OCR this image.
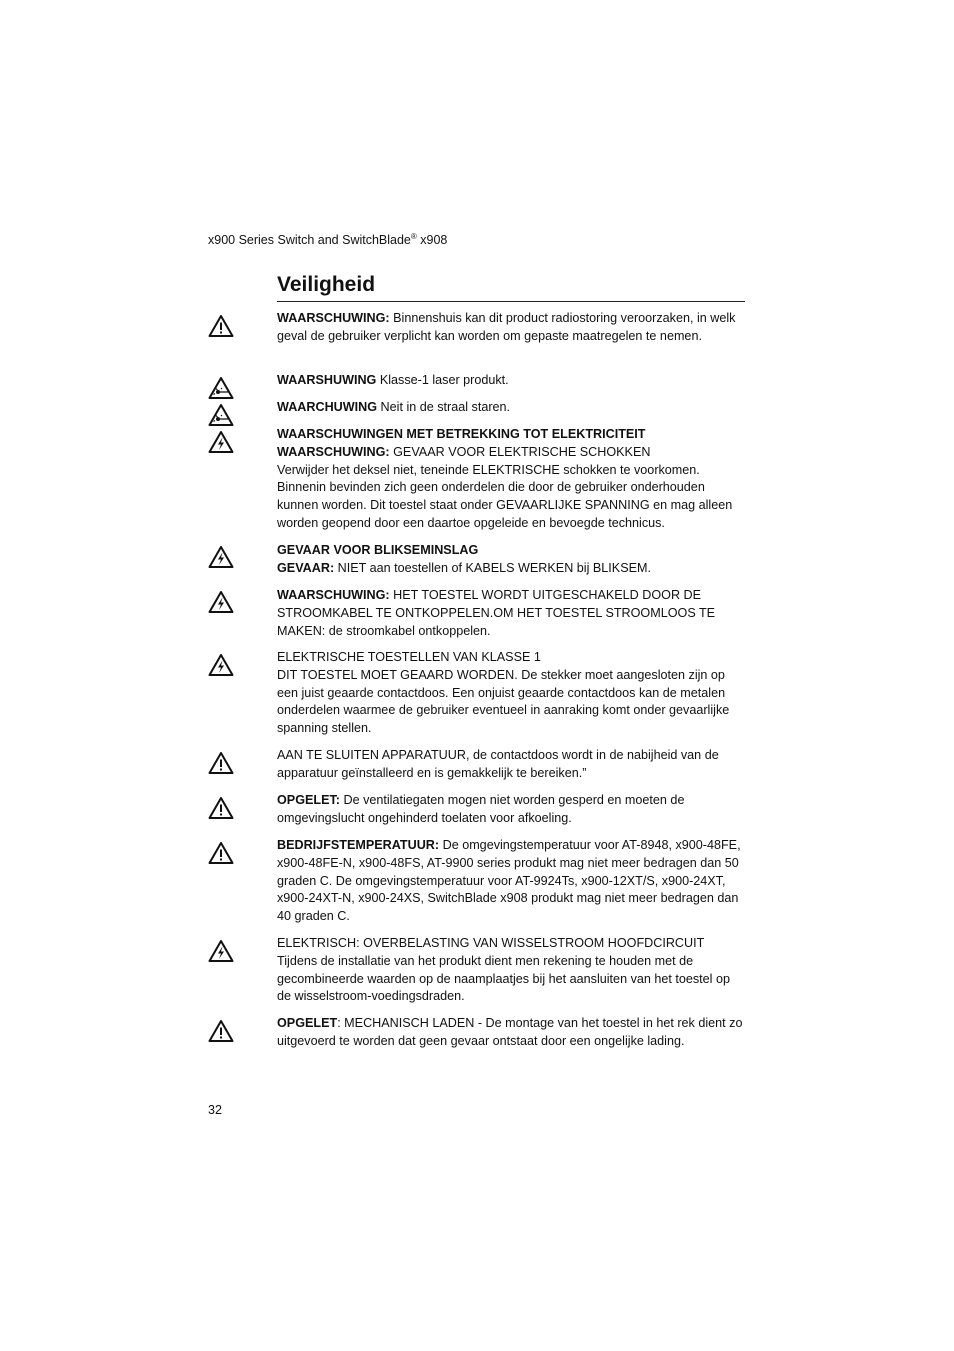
x900 Series Switch and SwitchBlade® x908
Veiligheid
WAARSCHUWING: Binnenshuis kan dit product radiostoring veroorzaken, in welk geval de gebruiker verplicht kan worden om gepaste maatregelen te nemen.
WAARSHUWING Klasse-1 laser produkt.
WAARCHUWING Neit in de straal staren.
WAARSCHUWINGEN MET BETREKKING TOT ELEKTRICITEIT
WAARSCHUWING: GEVAAR VOOR ELEKTRISCHE SCHOKKEN
Verwijder het deksel niet, teneinde ELEKTRISCHE schokken te voorkomen. Binnenin bevinden zich geen onderdelen die door de gebruiker onderhouden kunnen worden. Dit toestel staat onder GEVAARLIJKE SPANNING en mag alleen worden geopend door een daartoe opgeleide en bevoegde technicus.
GEVAAR VOOR BLIKSEMINSLAG
GEVAAR: NIET aan toestellen of KABELS WERKEN bij BLIKSEM.
WAARSCHUWING: HET TOESTEL WORDT UITGESCHAKELD DOOR DE STROOMKABEL TE ONTKOPPELEN.OM HET TOESTEL STROOMLOOS TE MAKEN: de stroomkabel ontkoppelen.
ELEKTRISCHE TOESTELLEN VAN KLASSE 1
DIT TOESTEL MOET GEAARD WORDEN. De stekker moet aangesloten zijn op een juist geaarde contactdoos. Een onjuist geaarde contactdoos kan de metalen onderdelen waarmee de gebruiker eventueel in aanraking komt onder gevaarlijke spanning stellen.
AAN TE SLUITEN APPARATUUR, de contactdoos wordt in de nabijheid van de apparatuur geïnstalleerd en is gemakkelijk te bereiken.”
OPGELET: De ventilatiegaten mogen niet worden gesperd en moeten de omgevingslucht ongehinderd toelaten voor afkoeling.
BEDRIJFSTEMPERATUUR: De omgevingstemperatuur voor AT-8948, x900-48FE, x900-48FE-N, x900-48FS, AT-9900 series produkt mag niet meer bedragen dan 50 graden C. De omgevingstemperatuur voor AT-9924Ts, x900-12XT/S, x900-24XT, x900-24XT-N, x900-24XS, SwitchBlade x908 produkt mag niet meer bedragen dan 40 graden C.
ELEKTRISCH: OVERBELASTING VAN WISSELSTROOM HOOFDCIRCUIT
Tijdens de installatie van het produkt dient men rekening te houden met de gecombineerde waarden op de naamplaatjes bij het aansluiten van het toestel op de wisselstroom-voedingsdraden.
OPGELET: MECHANISCH LADEN - De montage van het toestel in het rek dient zo uitgevoerd te worden dat geen gevaar ontstaat door een ongelijke lading.
32
